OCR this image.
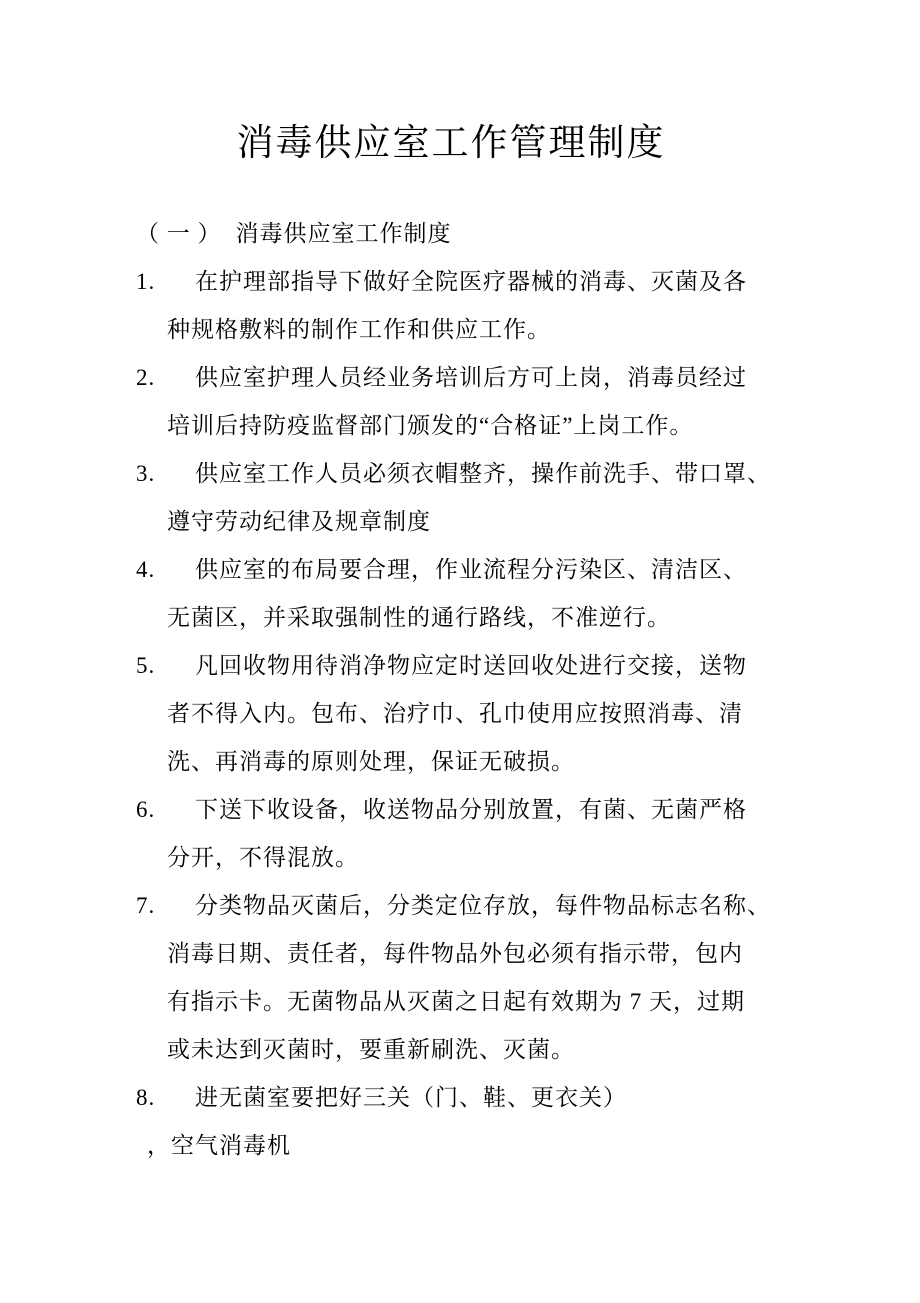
消毒供应室工作管理制度
（ 一 ） 消毒供应室工作制度
1. 在护理部指导下做好全院医疗器械的消毒、灭菌及各
种规格敷料的制作工作和供应工作。
2. 供应室护理人员经业务培训后方可上岗，消毒员经过
培训后持防疫监督部门颁发的“合格证”上岗工作。
3. 供应室工作人员必须衣帽整齐，操作前洗手、带口罩、
遵守劳动纪律及规章制度
4. 供应室的布局要合理，作业流程分污染区、清洁区、
无菌区，并采取强制性的通行路线，不准逆行。
5. 凡回收物用待消净物应定时送回收处进行交接，送物
者不得入内。包布、治疗巾、孔巾使用应按照消毒、清
洗、再消毒的原则处理，保证无破损。
6. 下送下收设备，收送物品分别放置，有菌、无菌严格
分开，不得混放。
7. 分类物品灭菌后，分类定位存放，每件物品标志名称、
消毒日期、责任者，每件物品外包必须有指示带，包内
有指示卡。无菌物品从灭菌之日起有效期为 7 天，过期
或未达到灭菌时，要重新刷洗、灭菌。
8. 进无菌室要把好三关（门、鞋、更衣关）
，空气消毒机
